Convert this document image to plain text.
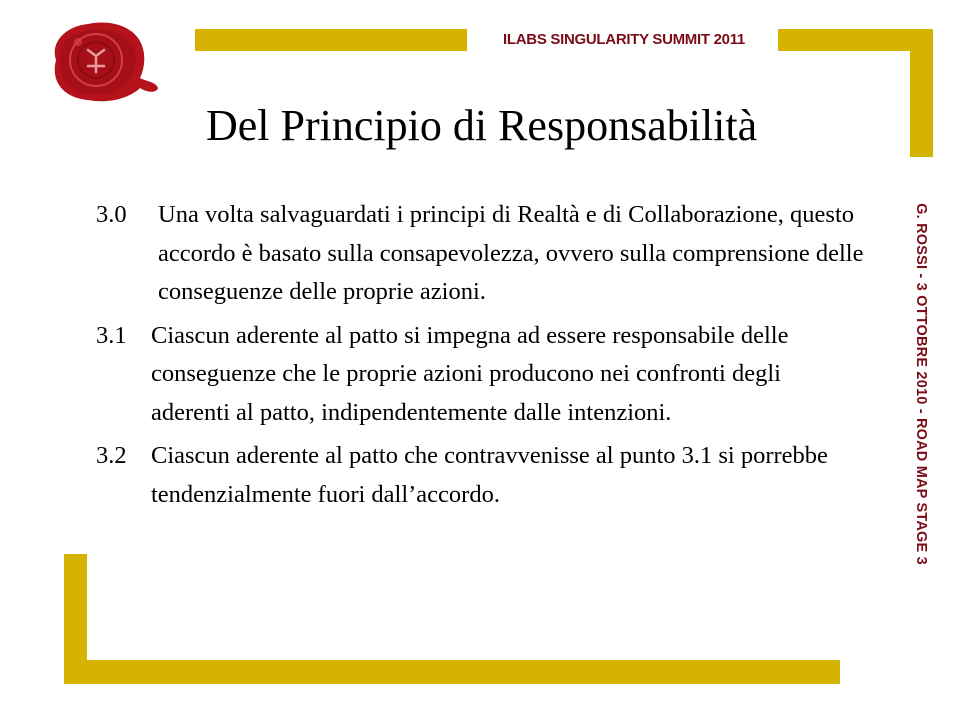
ILABS SINGULARITY SUMMIT 2011
Del Principio di Responsabilità
G. ROSSI - 3 OTTOBRE 2010 - ROAD MAP STAGE 3
3.0	Una volta salvaguardati i principi di Realtà e di Collaborazione, questo accordo è basato sulla consapevolezza, ovvero sulla comprensione delle conseguenze delle proprie azioni.
3.1 Ciascun aderente al patto si impegna ad essere responsabile delle conseguenze che le proprie azioni producono nei confronti degli aderenti al patto, indipendentemente dalle intenzioni.
3.2 Ciascun aderente al patto che contravvenisse al punto 3.1 si porrebbe tendenzialmente fuori dall’accordo.
